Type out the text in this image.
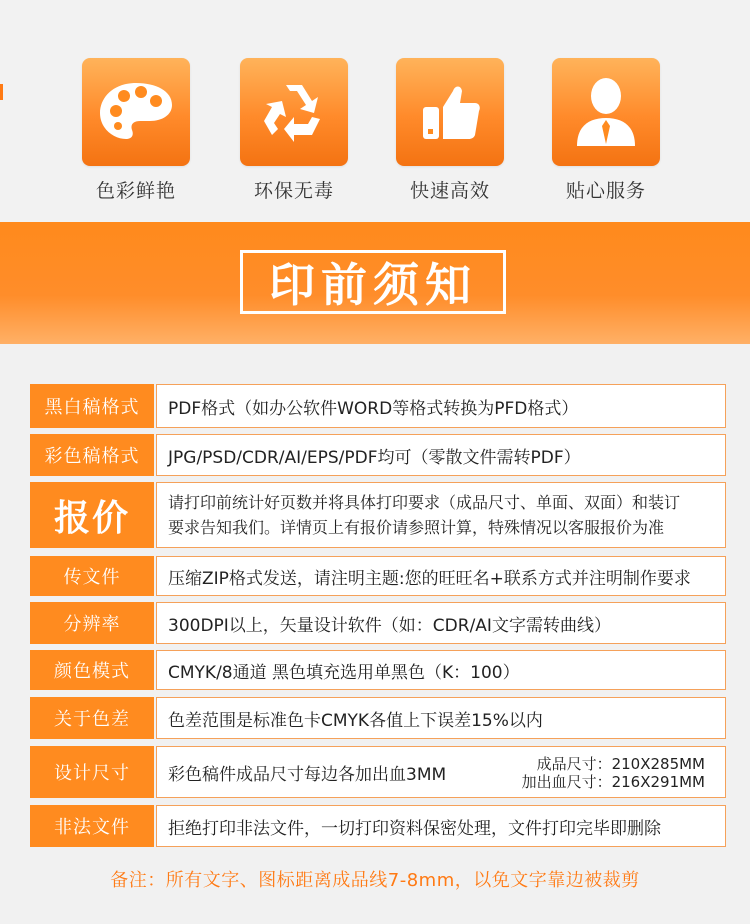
色彩鲜艳	环保无毒	快速高效	贴心服务
印前须知
黑白稿格式	PDF格式（如办公软件WORD等格式转换为PFD格式）
彩色稿格式	JPG/PSD/CDR/AI/EPS/PDF均可（零散文件需转PDF）
报价	请打印前统计好页数并将具体打印要求（成品尺寸、单面、双面）和装订
要求告知我们。详情页上有报价请参照计算，特殊情况以客服报价为准
传文件	压缩ZIP格式发送，请注明主题:您的旺旺名+联系方式并注明制作要求
分辨率	300DPI以上，矢量设计软件（如：CDR/AI文字需转曲线）
颜色模式	CMYK/8通道 黑色填充选用单黑色（K：100）
关于色差	色差范围是标准色卡CMYK各值上下误差15%以内
设计尺寸	彩色稿件成品尺寸每边各加出血3MM
成品尺寸：210X285MM
加出血尺寸：216X291MM
非法文件	拒绝打印非法文件，一切打印资料保密处理，文件打印完毕即删除
备注：所有文字、图标距离成品线7-8mm，以免文字靠边被裁剪
